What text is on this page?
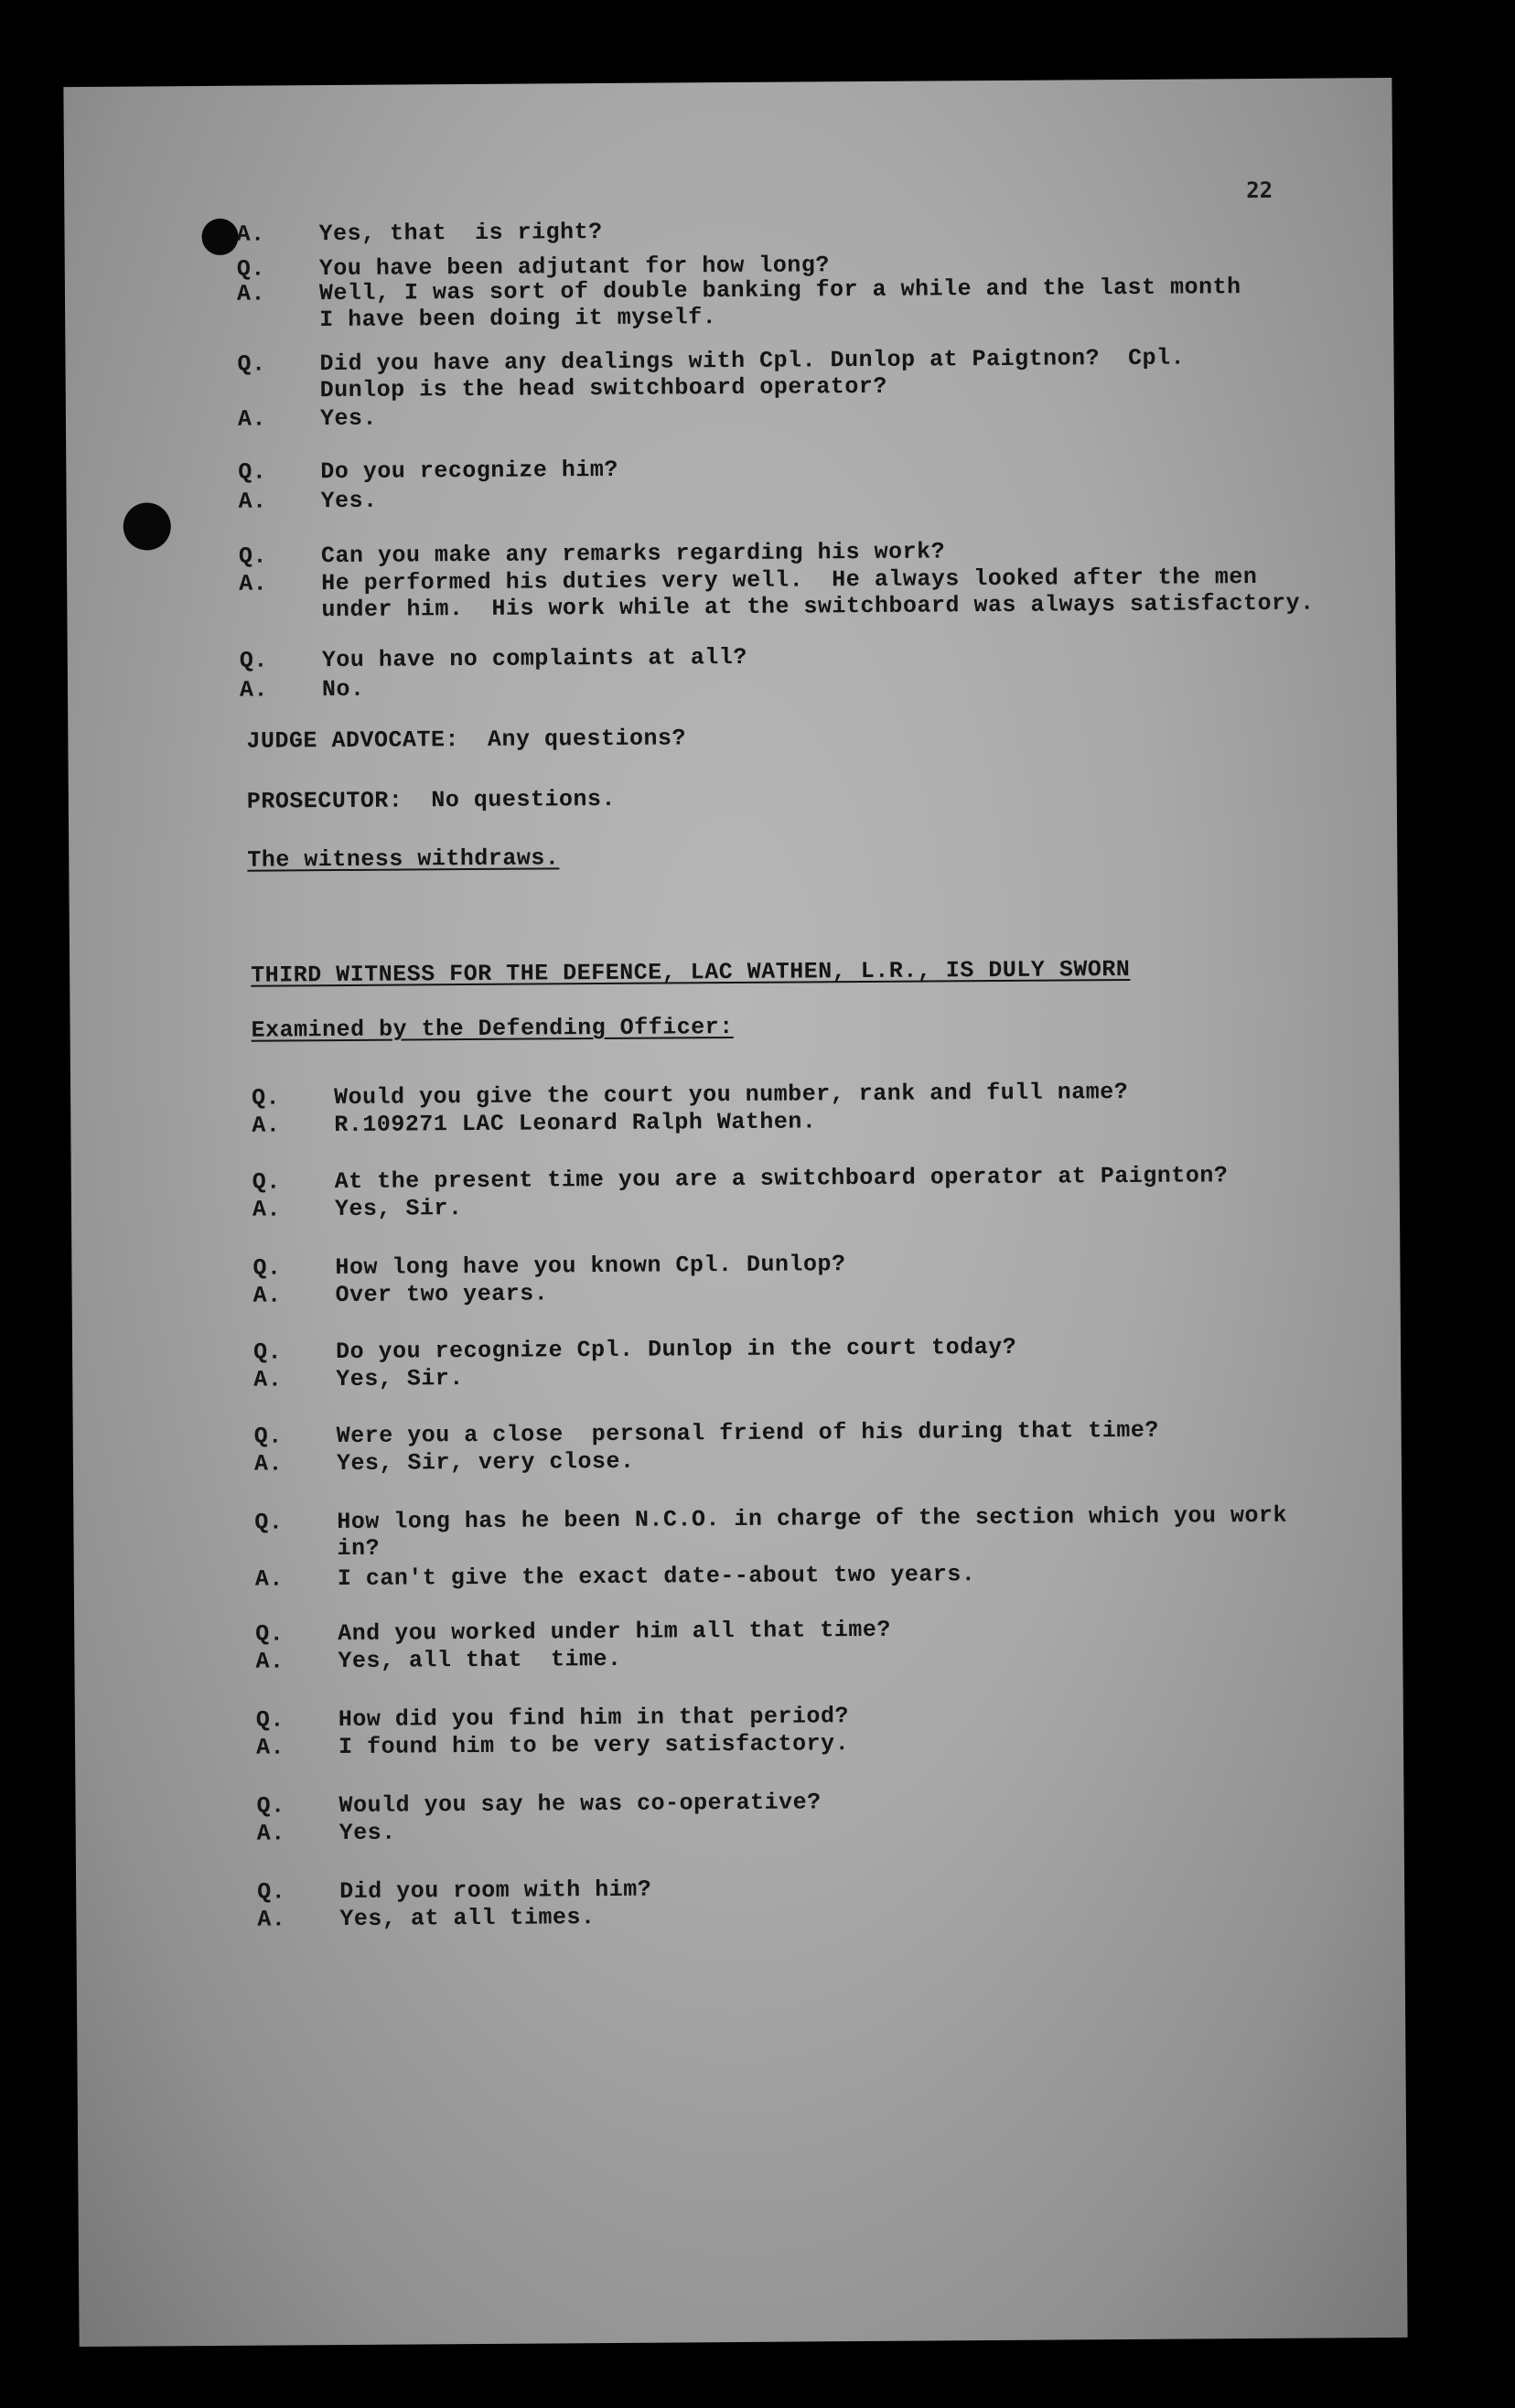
22
A.	Yes, that  is right?
Q.	You have been adjutant for how long?
A.	Well, I was sort of double banking for a while and the last month
I have been doing it myself.
Q.	Did you have any dealings with Cpl. Dunlop at Paigtnon?  Cpl.
Dunlop is the head switchboard operator?
A.	Yes.
Q.	Do you recognize him?
A.	Yes.
Q.	Can you make any remarks regarding his work?
A.	He performed his duties very well.  He always looked after the men
under him.  His work while at the switchboard was always satisfactory.
Q.	You have no complaints at all?
A.	No.
JUDGE ADVOCATE:  Any questions?
PROSECUTOR:  No questions.
The witness withdraws.
THIRD WITNESS FOR THE DEFENCE, LAC WATHEN, L.R., IS DULY SWORN
Examined by the Defending Officer:
Q.	Would you give the court you number, rank and full name?
A.	R.109271 LAC Leonard Ralph Wathen.
Q.	At the present time you are a switchboard operator at Paignton?
A.	Yes, Sir.
Q.	How long have you known Cpl. Dunlop?
A.	Over two years.
Q.	Do you recognize Cpl. Dunlop in the court today?
A.	Yes, Sir.
Q.	Were you a close  personal friend of his during that time?
A.	Yes, Sir, very close.
Q.	How long has he been N.C.O. in charge of the section which you work
in?
A.	I can't give the exact date--about two years.
Q.	And you worked under him all that time?
A.	Yes, all that  time.
Q.	How did you find him in that period?
A.	I found him to be very satisfactory.
Q.	Would you say he was co-operative?
A.	Yes.
Q.	Did you room with him?
A.	Yes, at all times.
